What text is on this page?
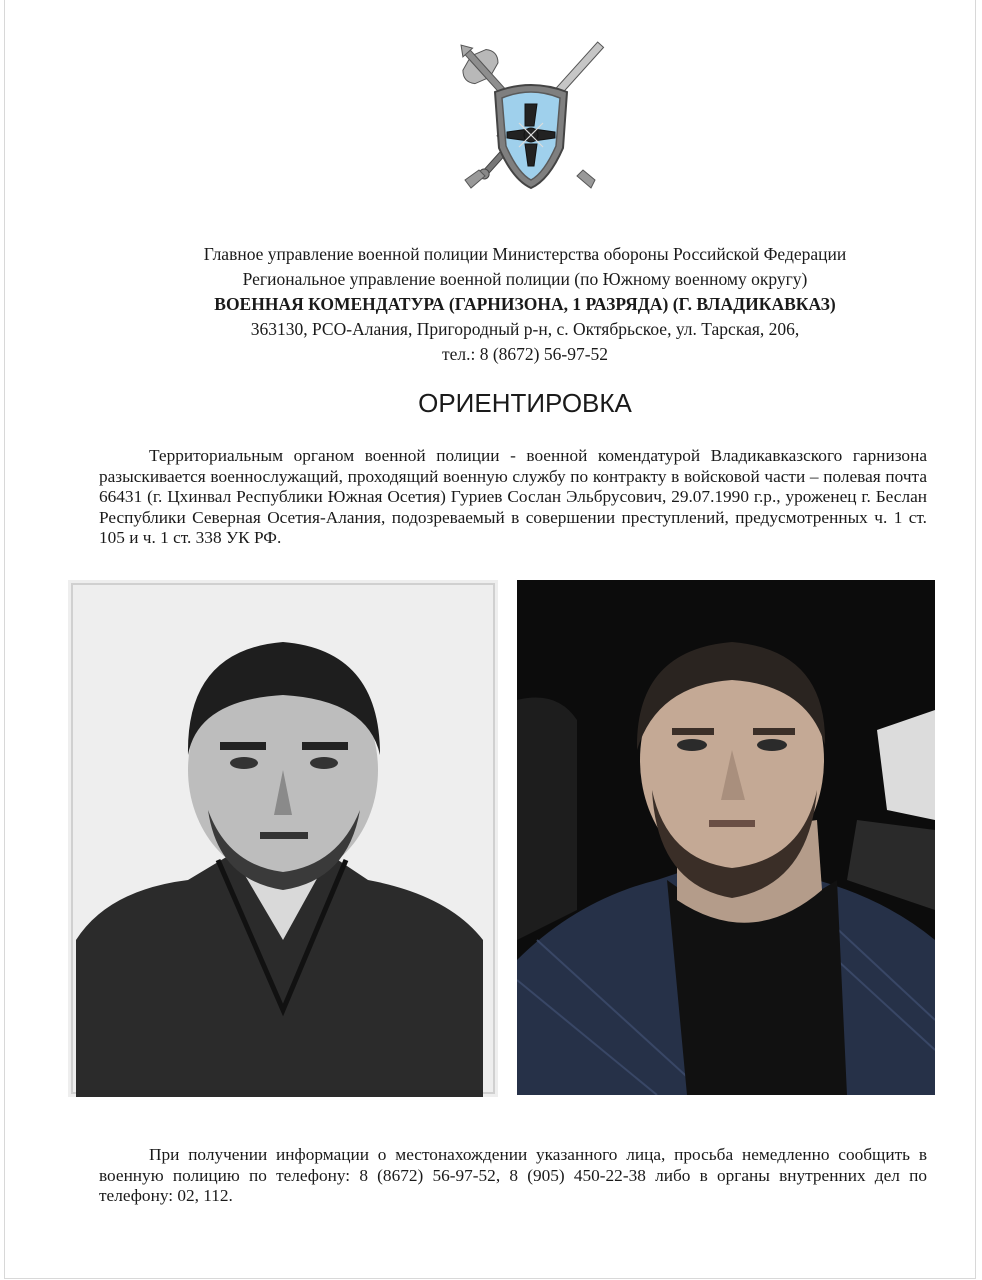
Главное управление военной полиции Министерства обороны Российской Федерации
Региональное управление военной полиции (по Южному военному округу)
ВОЕННАЯ КОМЕНДАТУРА (ГАРНИЗОНА, 1 РАЗРЯДА) (Г. ВЛАДИКАВКАЗ)
363130, РСО-Алания, Пригородный р-н, с. Октябрьское, ул. Тарская, 206,
тел.: 8 (8672) 56-97-52
ОРИЕНТИРОВКА
Территориальным органом военной полиции - военной комендатурой Владикавказского гарнизона разыскивается военнослужащий, проходящий военную службу по контракту в войсковой части – полевая почта 66431 (г. Цхинвал Республики Южная Осетия) Гуриев Сослан Эльбрусович, 29.07.1990 г.р., уроженец г. Беслан Республики Северная Осетия-Алания, подозреваемый в совершении преступлений, предусмотренных ч. 1 ст. 105 и ч. 1 ст. 338 УК РФ.
При получении информации о местонахождении указанного лица, просьба немедленно сообщить в военную полицию по телефону: 8 (8672) 56-97-52, 8 (905) 450-22-38 либо в органы внутренних дел по телефону: 02, 112.
